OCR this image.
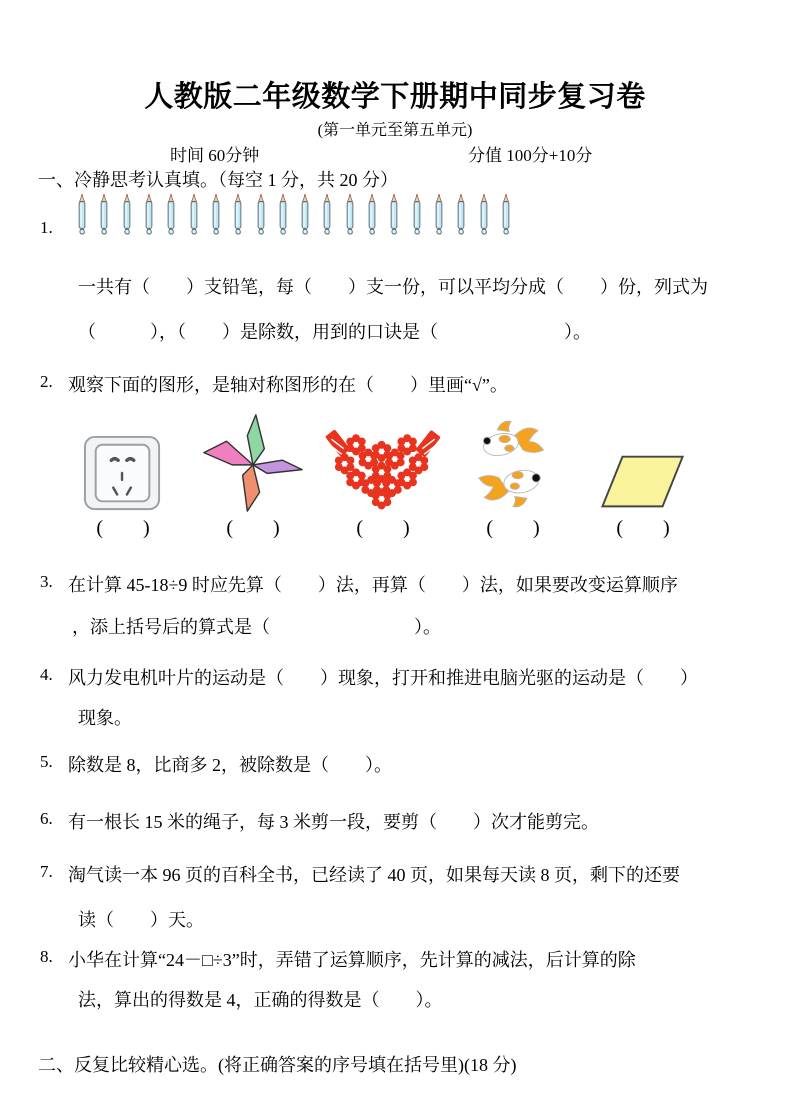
人教版二年级数学下册期中同步复习卷
(第一单元至第五单元)
时间 60分钟	分值 100分+10分
一、冷静思考认真填。（每空 1 分，共 20 分）
1.
一共有（　　）支铅笔，每（　　）支一份，可以平均分成（　　）份，列式为
（　　　），（　　）是除数，用到的口诀是（　　　　　　　）。
2. 观察下面的图形，是轴对称图形的在（　　）里画“√”。
(　　)	(　　)	(　　)	(　　)	(　　)
3. 在计算 45-18÷9 时应先算（　　）法，再算（　　）法，如果要改变运算顺序
，添上括号后的算式是（　　　　　　　　）。
4. 风力发电机叶片的运动是（　　）现象，打开和推进电脑光驱的运动是（　　）
现象。
5. 除数是 8，比商多 2，被除数是（　　）。
6. 有一根长 15 米的绳子，每 3 米剪一段，要剪（　　）次才能剪完。
7. 淘气读一本 96 页的百科全书，已经读了 40 页，如果每天读 8 页，剩下的还要
读（　　）天。
8. 小华在计算“24－□÷3”时，弄错了运算顺序，先计算的减法，后计算的除
法，算出的得数是 4，正确的得数是（　　）。
二、反复比较精心选。(将正确答案的序号填在括号里)(18 分)
